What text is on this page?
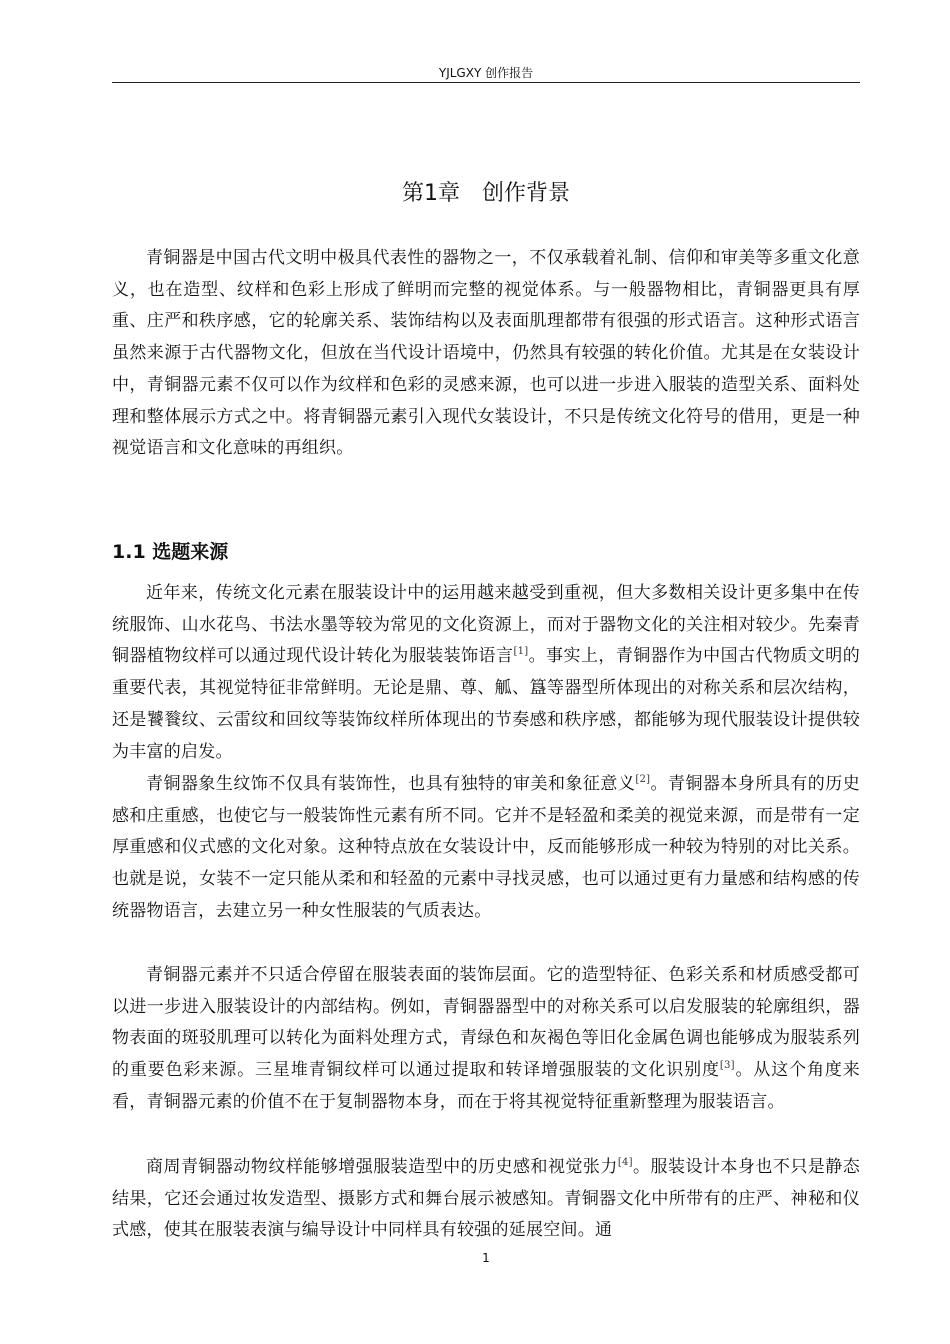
YJLGXY 创作报告
第1章　创作背景

青铜器是中国古代文明中极具代表性的器物之一，不仅承载着礼制、信仰和审美等多重文化意义，也在造型、纹样和色彩上形成了鲜明而完整的视觉体系。与一般器物相比，青铜器更具有厚重、庄严和秩序感，它的轮廓关系、装饰结构以及表面肌理都带有很强的形式语言。这种形式语言虽然来源于古代器物文化，但放在当代设计语境中，仍然具有较强的转化价值。尤其是在女装设计中，青铜器元素不仅可以作为纹样和色彩的灵感来源，也可以进一步进入服装的造型关系、面料处理和整体展示方式之中。将青铜器元素引入现代女装设计，不只是传统文化符号的借用，更是一种视觉语言和文化意味的再组织。

1.1 选题来源

近年来，传统文化元素在服装设计中的运用越来越受到重视，但大多数相关设计更多集中在传统服饰、山水花鸟、书法水墨等较为常见的文化资源上，而对于器物文化的关注相对较少。先秦青铜器植物纹样可以通过现代设计转化为服装装饰语言[1]。事实上，青铜器作为中国古代物质文明的重要代表，其视觉特征非常鲜明。无论是鼎、尊、觚、簋等器型所体现出的对称关系和层次结构，还是饕餮纹、云雷纹和回纹等装饰纹样所体现出的节奏感和秩序感，都能够为现代服装设计提供较为丰富的启发。

青铜器象生纹饰不仅具有装饰性，也具有独特的审美和象征意义[2]。青铜器本身所具有的历史感和庄重感，也使它与一般装饰性元素有所不同。它并不是轻盈和柔美的视觉来源，而是带有一定厚重感和仪式感的文化对象。这种特点放在女装设计中，反而能够形成一种较为特别的对比关系。也就是说，女装不一定只能从柔和和轻盈的元素中寻找灵感，也可以通过更有力量感和结构感的传统器物语言，去建立另一种女性服装的气质表达。

青铜器元素并不只适合停留在服装表面的装饰层面。它的造型特征、色彩关系和材质感受都可以进一步进入服装设计的内部结构。例如，青铜器器型中的对称关系可以启发服装的轮廓组织，器物表面的斑驳肌理可以转化为面料处理方式，青绿色和灰褐色等旧化金属色调也能够成为服装系列的重要色彩来源。三星堆青铜纹样可以通过提取和转译增强服装的文化识别度[3]。从这个角度来看，青铜器元素的价值不在于复制器物本身，而在于将其视觉特征重新整理为服装语言。

商周青铜器动物纹样能够增强服装造型中的历史感和视觉张力[4]。服装设计本身也不只是静态结果，它还会通过妆发造型、摄影方式和舞台展示被感知。青铜器文化中所带有的庄严、神秘和仪式感，使其在服装表演与编导设计中同样具有较强的延展空间。通

1
